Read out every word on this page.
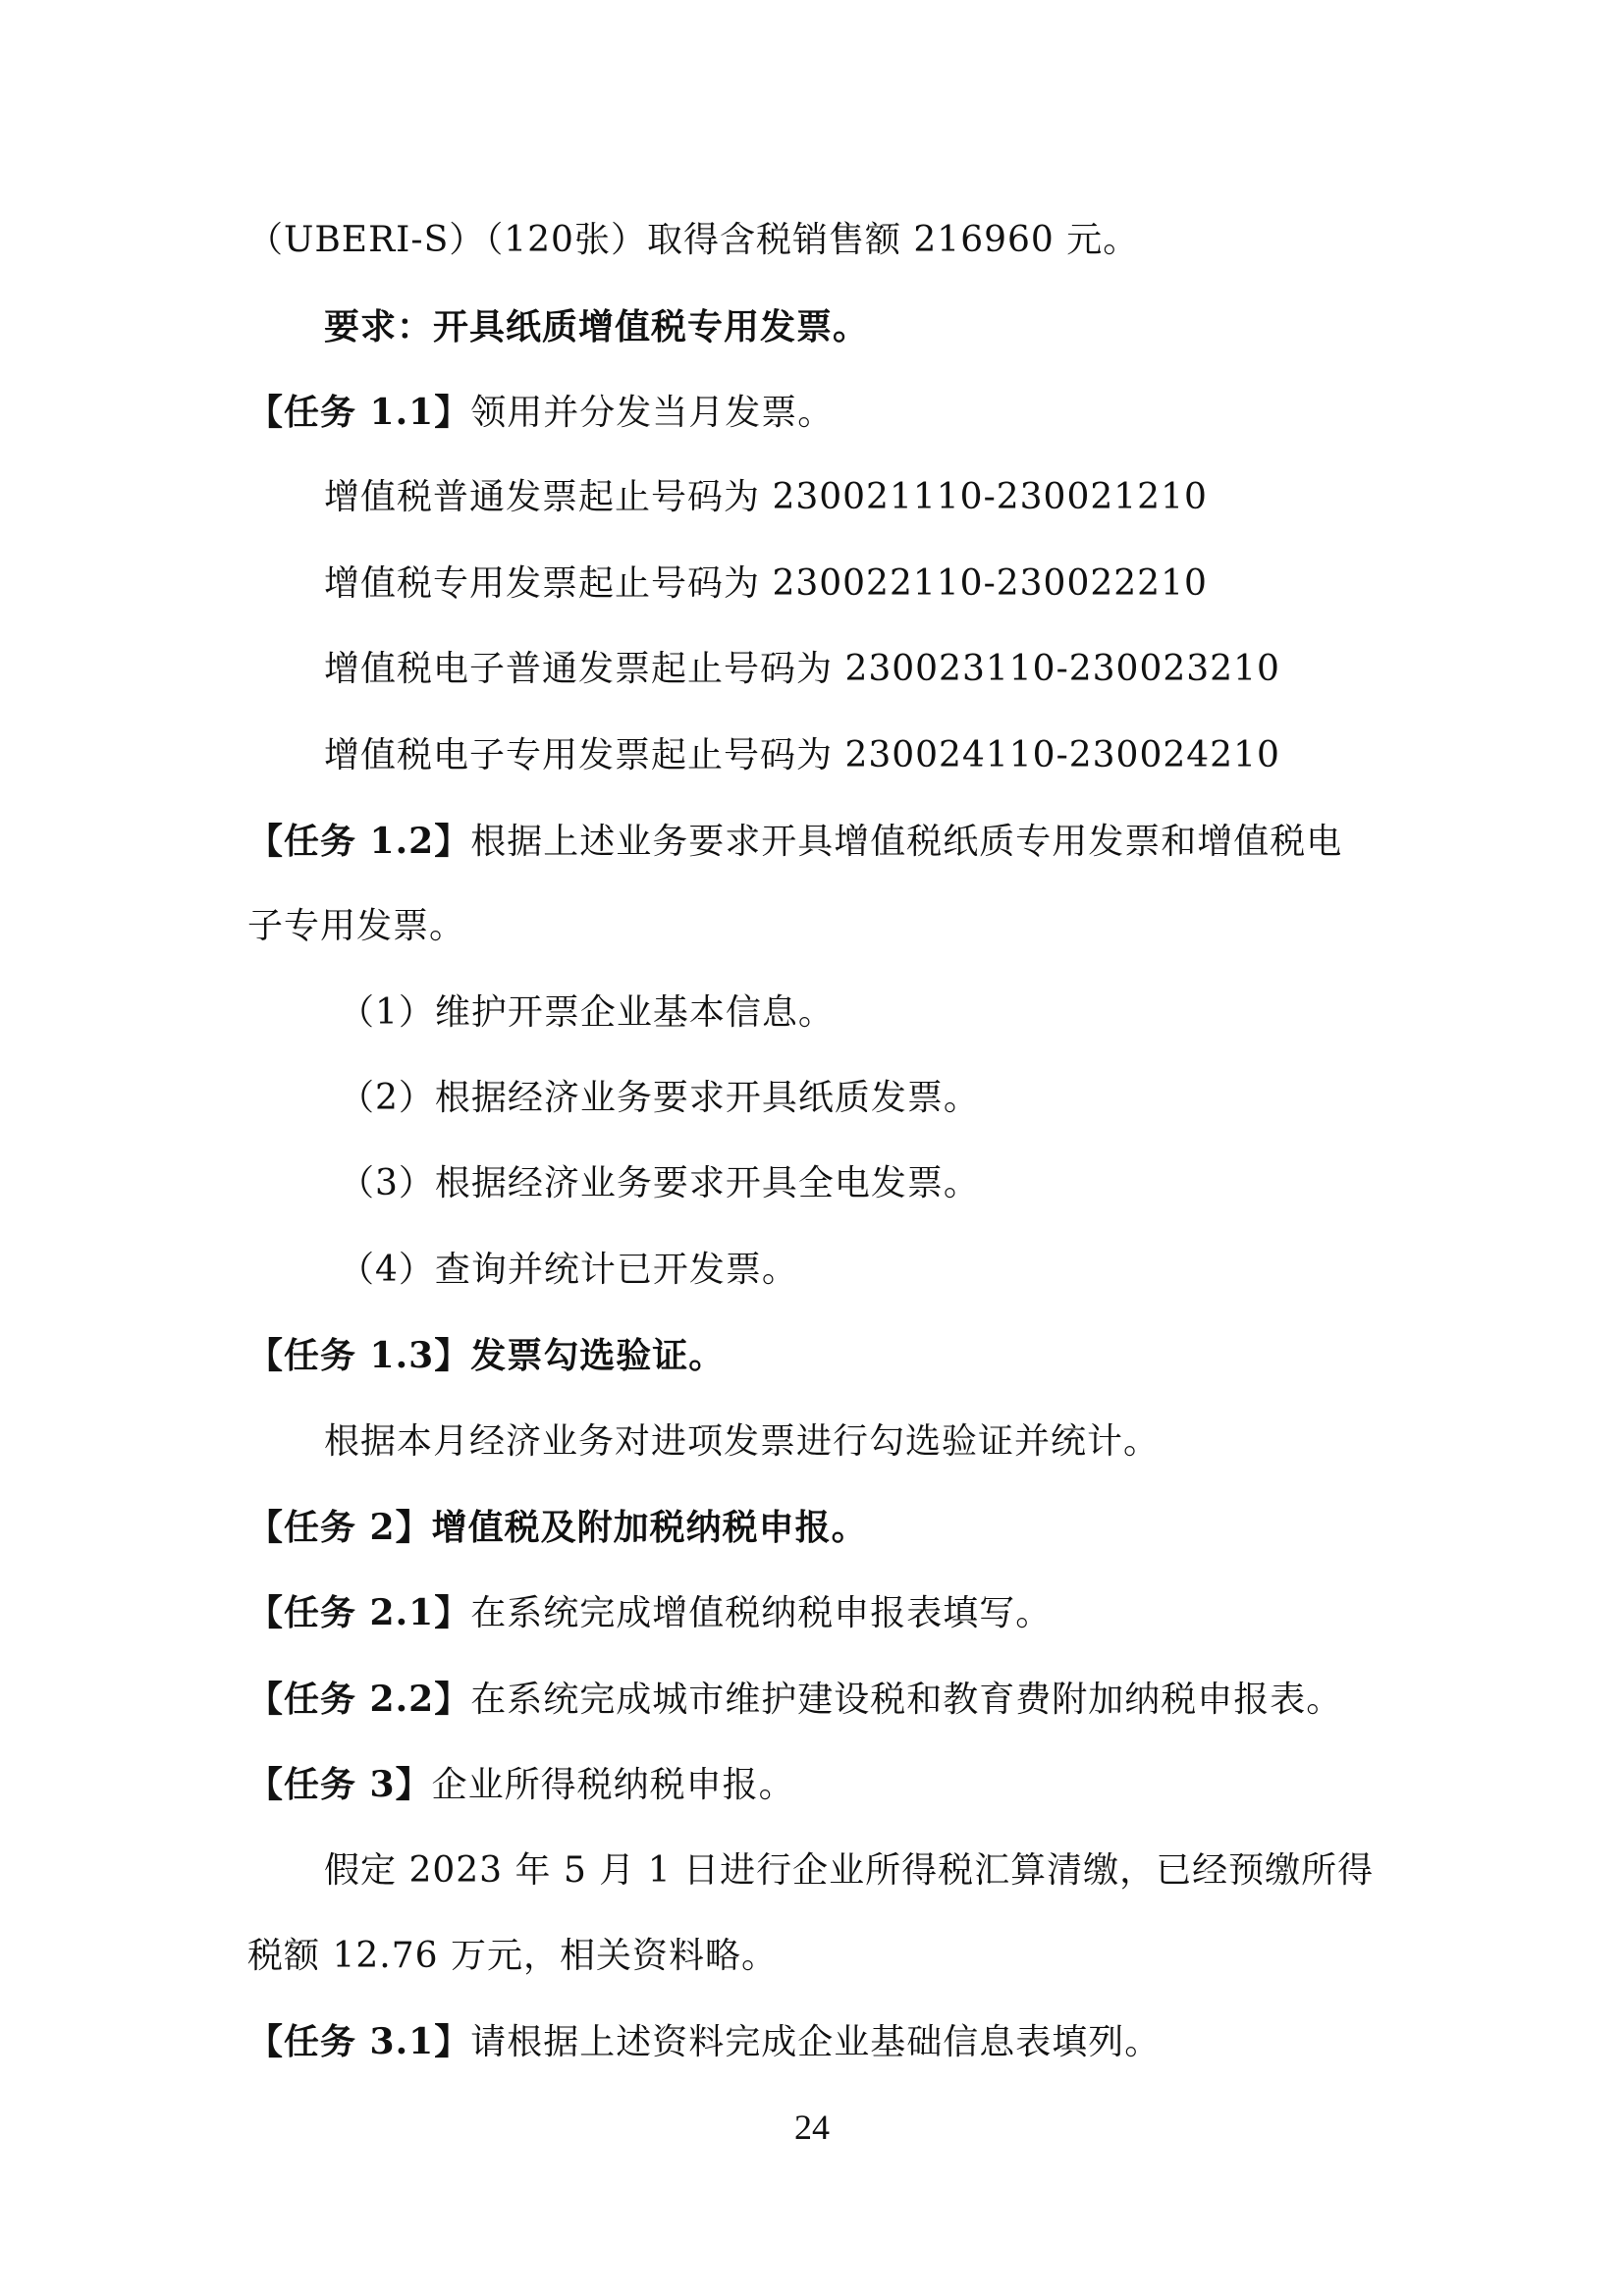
（UBERI-S）（120张）取得含税销售额 216960 元。
要求：开具纸质增值税专用发票。
【任务 1.1】领用并分发当月发票。
增值税普通发票起止号码为 230021110-230021210
增值税专用发票起止号码为 230022110-230022210
增值税电子普通发票起止号码为 230023110-230023210
增值税电子专用发票起止号码为 230024110-230024210
【任务 1.2】根据上述业务要求开具增值税纸质专用发票和增值税电
子专用发票。
（1）维护开票企业基本信息。
（2）根据经济业务要求开具纸质发票。
（3）根据经济业务要求开具全电发票。
（4）查询并统计已开发票。
【任务 1.3】发票勾选验证。
根据本月经济业务对进项发票进行勾选验证并统计。
【任务 2】增值税及附加税纳税申报。
【任务 2.1】在系统完成增值税纳税申报表填写。
【任务 2.2】在系统完成城市维护建设税和教育费附加纳税申报表。
【任务 3】企业所得税纳税申报。
假定 2023 年 5 月 1 日进行企业所得税汇算清缴，已经预缴所得
税额 12.76 万元，相关资料略。
【任务 3.1】请根据上述资料完成企业基础信息表填列。
24
